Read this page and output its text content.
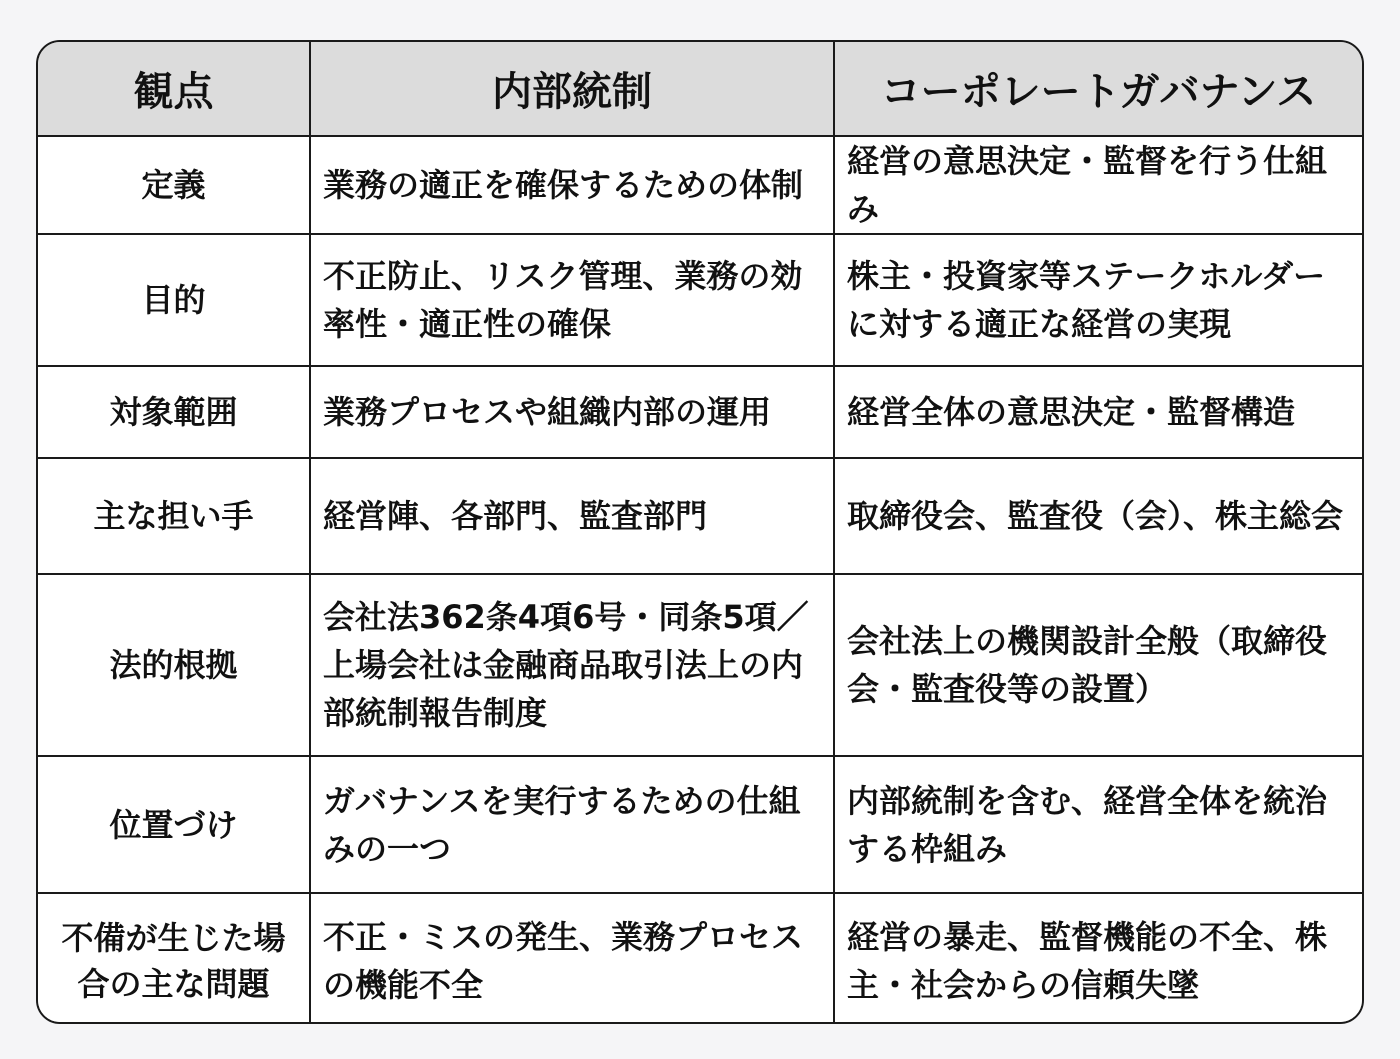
観点	内部統制	コーポレートガバナンス
定義	業務の適正を確保するための体制	経営の意思決定・監督を行う仕組み
目的	不正防止、リスク管理、業務の効率性・適正性の確保	株主・投資家等ステークホルダーに対する適正な経営の実現
対象範囲	業務プロセスや組織内部の運用	経営全体の意思決定・監督構造
主な担い手	経営陣、各部門、監査部門	取締役会、監査役（会）、株主総会
法的根拠	会社法362条4項6号・同条5項／上場会社は金融商品取引法上の内部統制報告制度	会社法上の機関設計全般（取締役会・監査役等の設置）
位置づけ	ガバナンスを実行するための仕組みの一つ	内部統制を含む、経営全体を統治する枠組み
不備が生じた場合の主な問題	不正・ミスの発生、業務プロセスの機能不全	経営の暴走、監督機能の不全、株主・社会からの信頼失墜
